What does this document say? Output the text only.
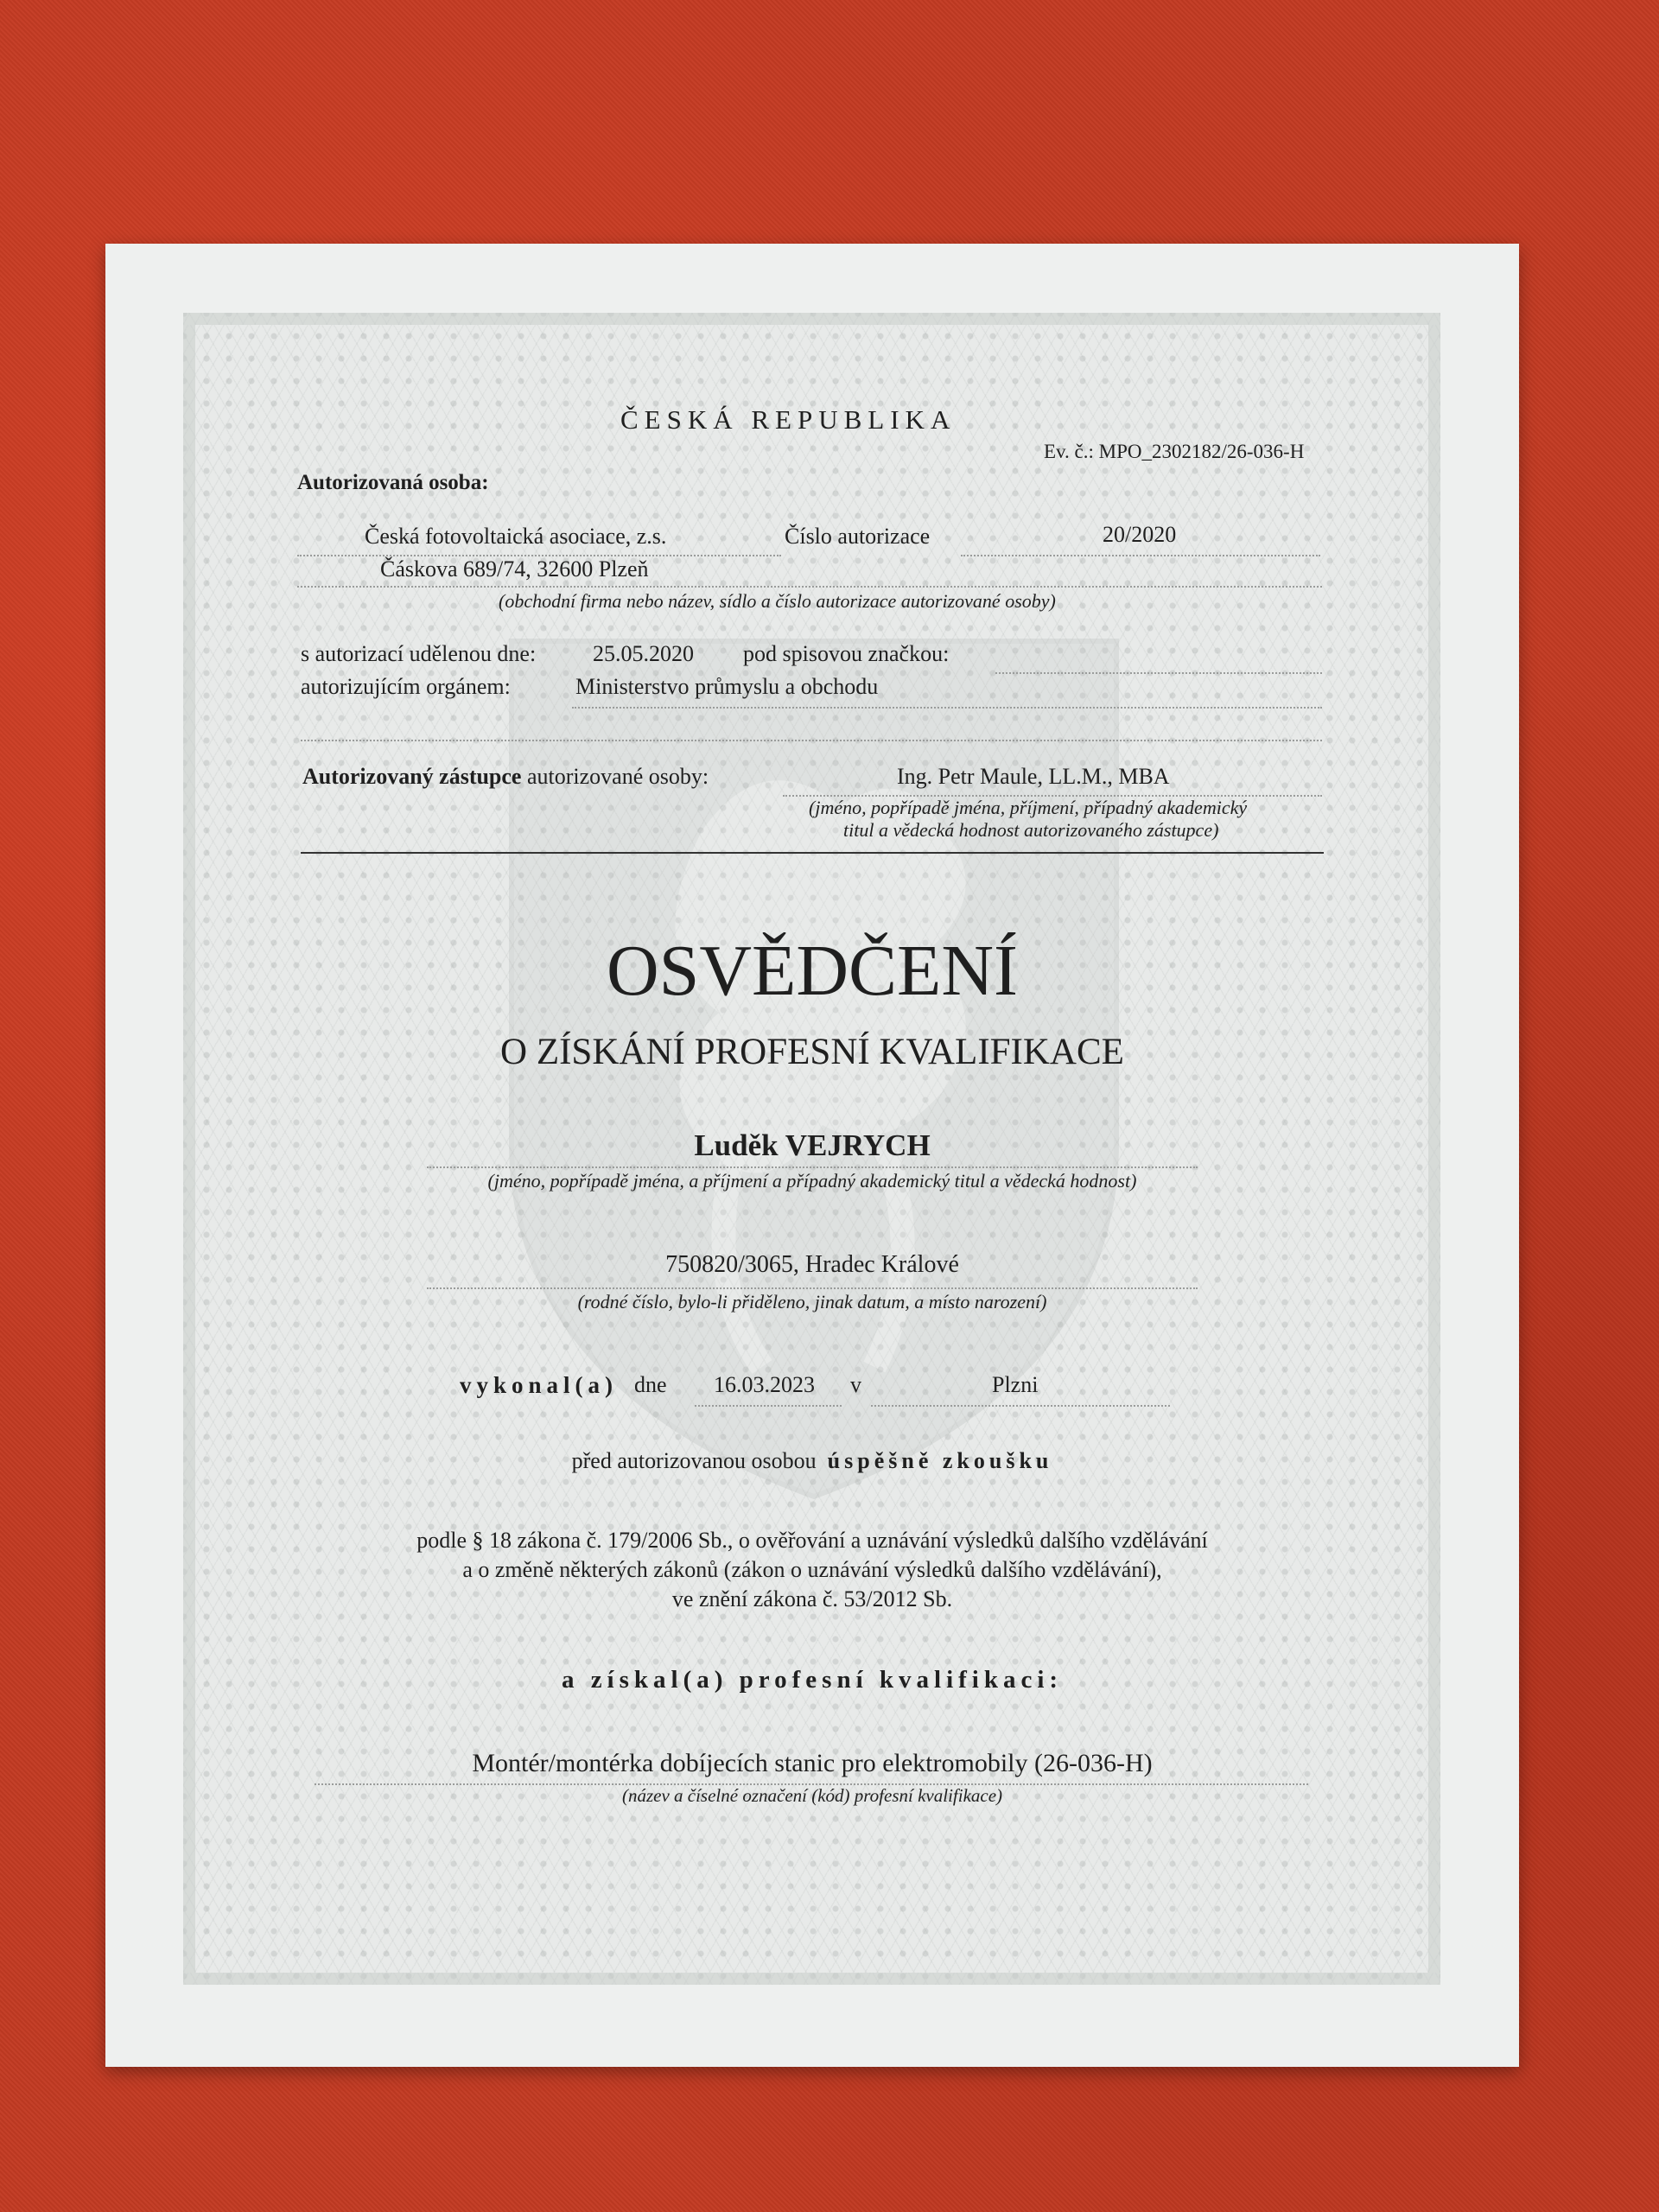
ČESKÁ REPUBLIKA
Ev. č.: MPO_2302182/26-036-H
Autorizovaná osoba:
Česká fotovoltaická asociace, z.s.	Číslo autorizace	20/2020
Čáskova 689/74, 32600 Plzeň
(obchodní firma nebo název, sídlo a číslo autorizace autorizované osoby)
s autorizací udělenou dne:	25.05.2020 pod spisovou značkou:
autorizujícím orgánem:	Ministerstvo průmyslu a obchodu
Autorizovaný zástupce autorizované osoby:	Ing. Petr Maule, LL.M., MBA
(jméno, popřípadě jména, příjmení, případný akademický
titul a vědecká hodnost autorizovaného zástupce)
OSVĚDČENÍ
O ZÍSKÁNÍ PROFESNÍ KVALIFIKACE
Luděk VEJRYCH
(jméno, popřípadě jména, a příjmení a případný akademický titul a vědecká hodnost)
750820/3065, Hradec Králové
(rodné číslo, bylo-li přiděleno, jinak datum, a místo narození)
vykonal(a) dne 16.03.2023 v	Plzni
před autorizovanou osobou úspěšně zkoušku
podle § 18 zákona č. 179/2006 Sb., o ověřování a uznávání výsledků dalšího vzdělávání
a o změně některých zákonů (zákon o uznávání výsledků dalšího vzdělávání),
ve znění zákona č. 53/2012 Sb.
a získal(a) profesní kvalifikaci:
Montér/montérka dobíjecích stanic pro elektromobily (26-036-H)
(název a číselné označení (kód) profesní kvalifikace)
